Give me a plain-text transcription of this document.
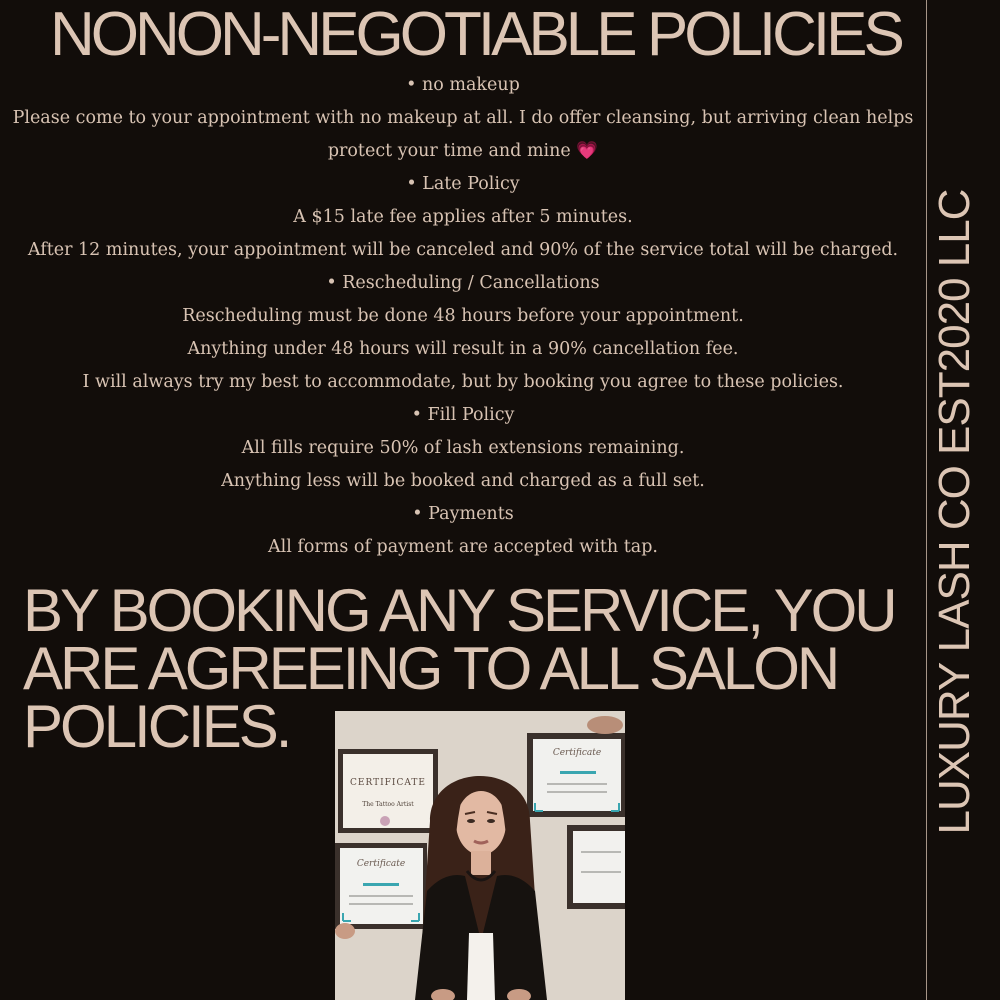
NONON-NEGOTIABLE POLICIES
LUXURY LASH CO EST2020 LLC
• no makeup
Please come to your appointment with no makeup at all. I do offer cleansing, but arriving clean helps
protect your time and mine 💗
• Late Policy
A $15 late fee applies after 5 minutes.
After 12 minutes, your appointment will be canceled and 90% of the service total will be charged.
• Rescheduling / Cancellations
Rescheduling must be done 48 hours before your appointment.
Anything under 48 hours will result in a 90% cancellation fee.
I will always try my best to accommodate, but by booking you agree to these policies.
• Fill Policy
All fills require 50% of lash extensions remaining.
Anything less will be booked and charged as a full set.
• Payments
All forms of payment are accepted with tap.
BY BOOKING ANY SERVICE, YOU ARE AGREEING TO ALL SALON POLICIES.
CERTIFICATE
The Tattoo Artist
Certificate
Certificate
